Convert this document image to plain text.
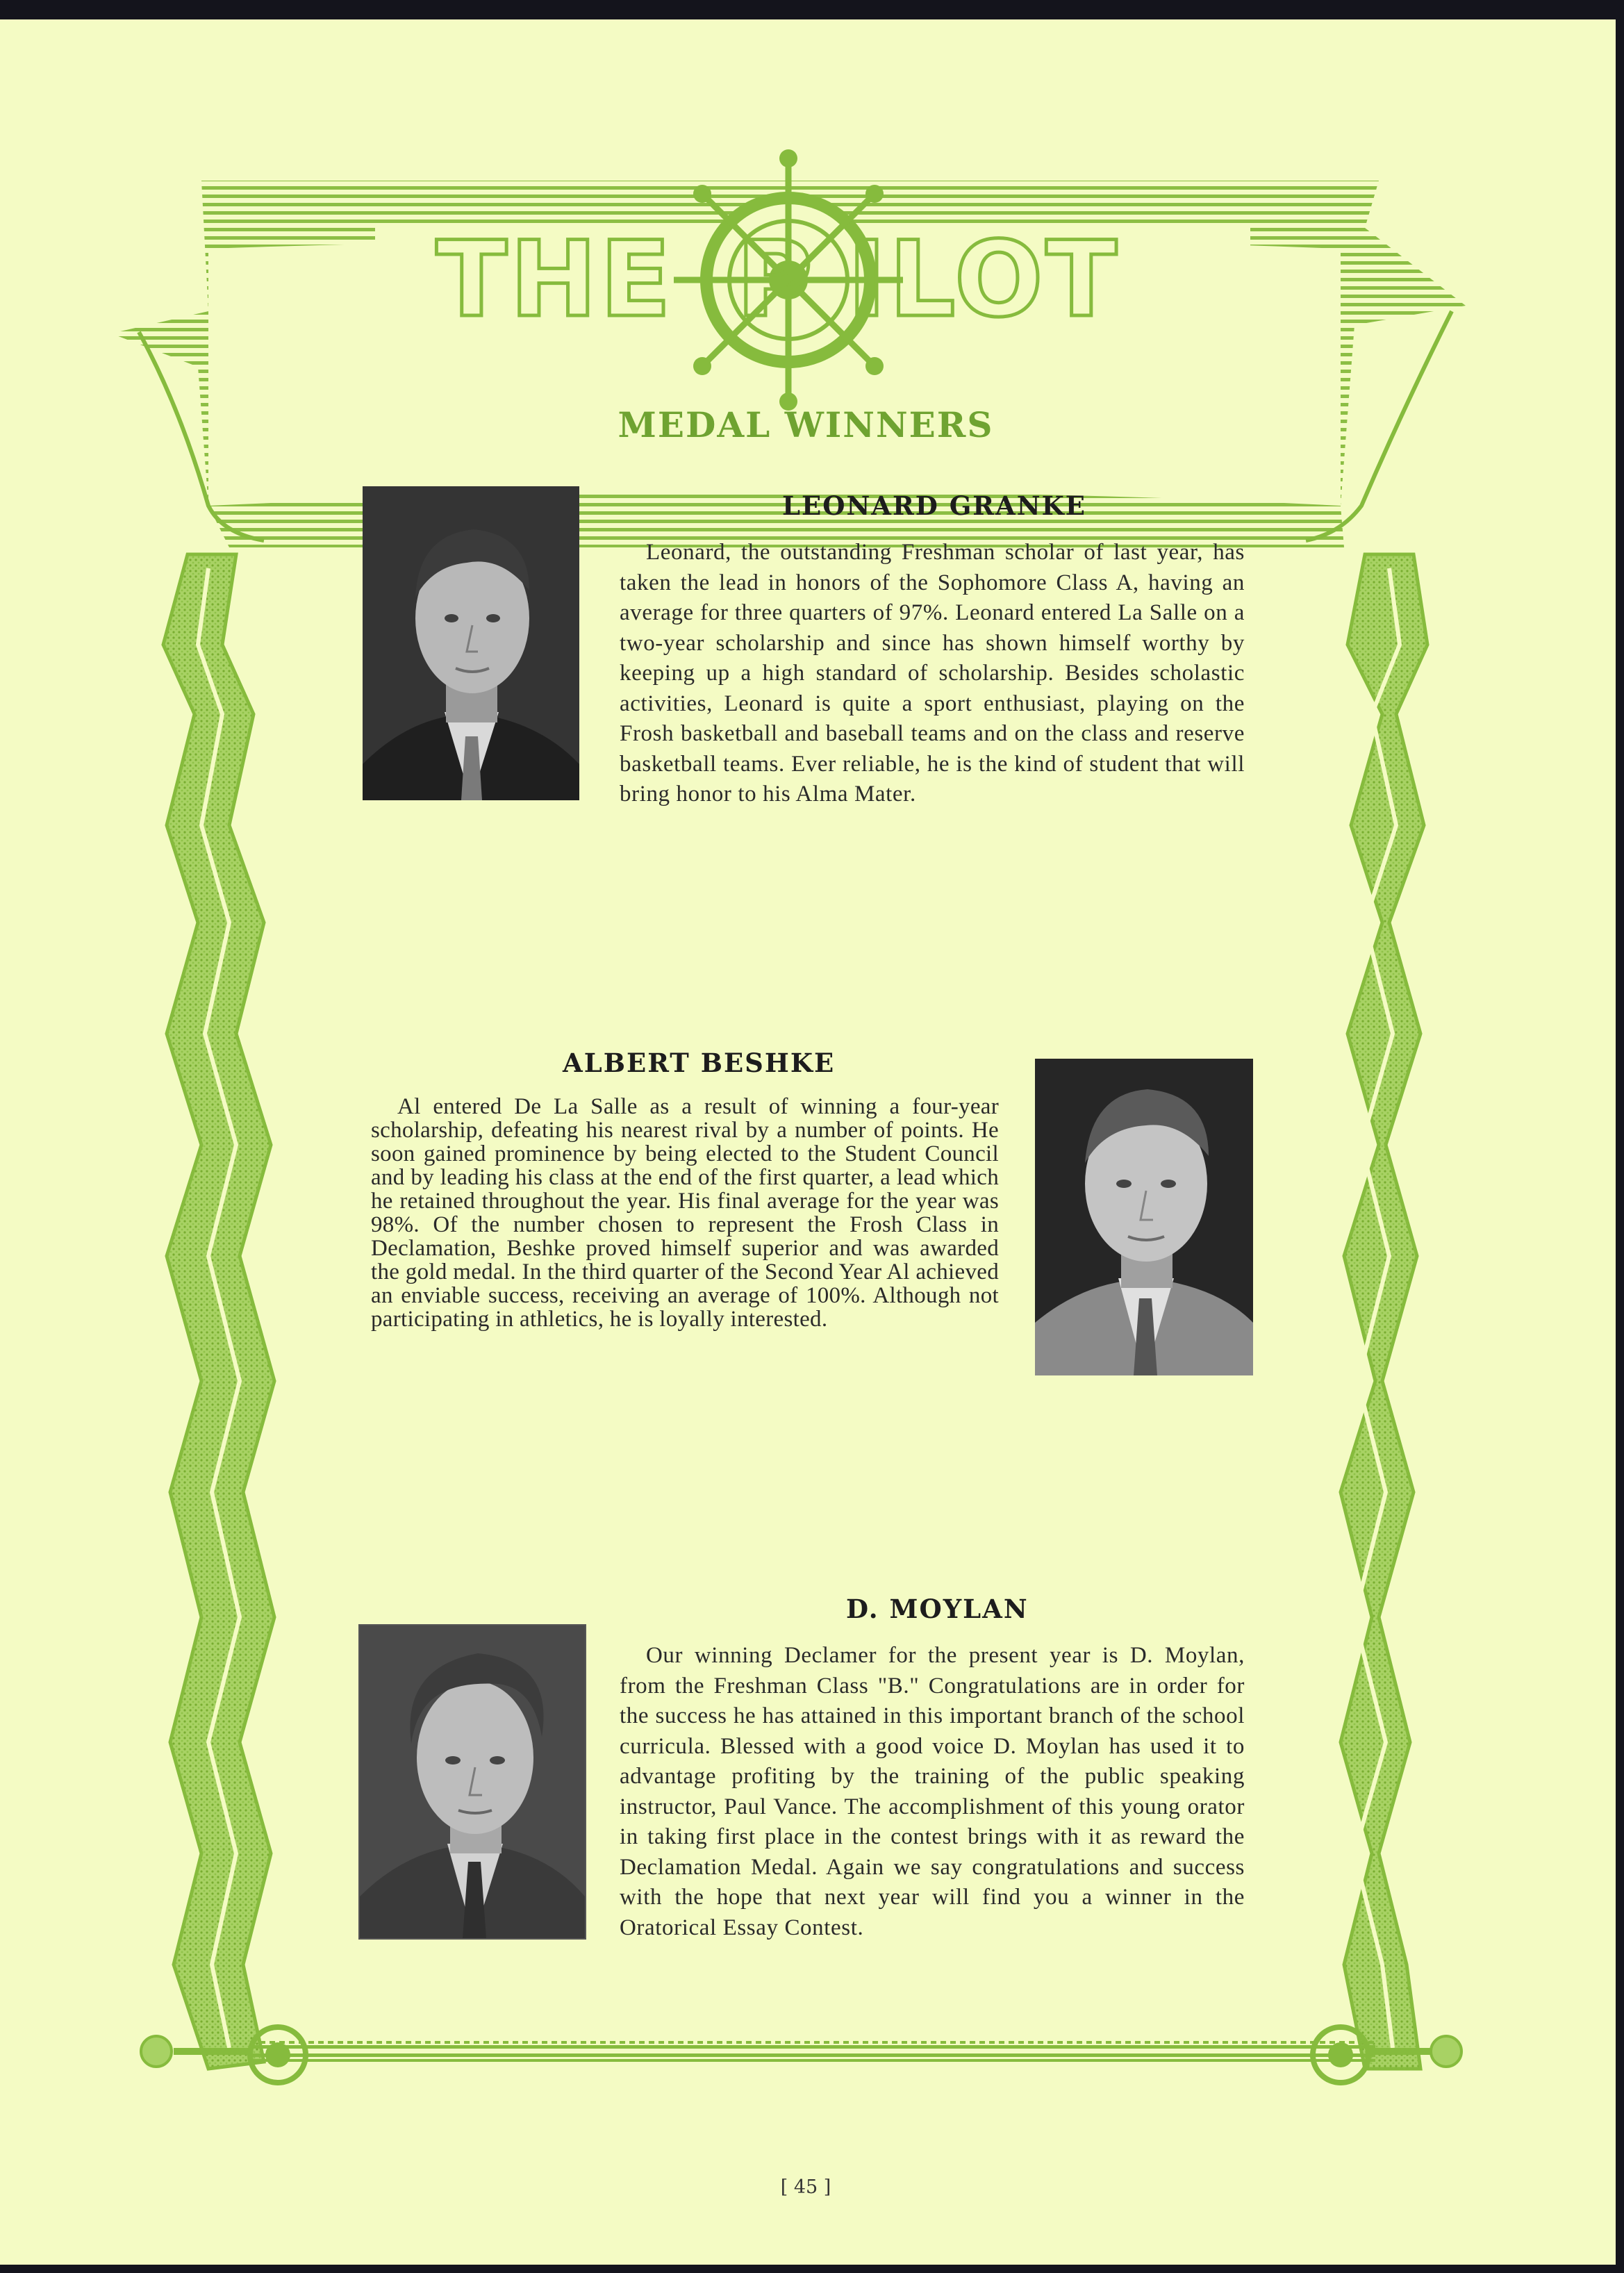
THE P ILOT
MEDAL WINNERS
LEONARD GRANKE

Leonard, the outstanding Freshman scholar of last year, has taken the lead in honors of the Sophomore Class A, having an average for three quarters of 97%. Leonard entered La Salle on a two-year scholarship and since has shown himself worthy by keeping up a high standard of scholarship. Besides scholastic activities, Leonard is quite a sport enthusiast, playing on the Frosh basketball and baseball teams and on the class and reserve basketball teams. Ever reliable, he is the kind of student that will bring honor to his Alma Mater.

ALBERT BESHKE

Al entered De La Salle as a result of winning a four-year scholarship, defeating his nearest rival by a number of points. He soon gained prominence by being elected to the Student Council and by leading his class at the end of the first quarter, a lead which he retained throughout the year. His final average for the year was 98%. Of the number chosen to represent the Frosh Class in Declamation, Beshke proved himself superior and was awarded the gold medal. In the third quarter of the Second Year Al achieved an enviable success, receiving an average of 100%. Although not participating in athletics, he is loyally interested.

D. MOYLAN

Our winning Declamer for the present year is D. Moylan, from the Freshman Class "B." Congratulations are in order for the success he has attained in this important branch of the school curricula. Blessed with a good voice D. Moylan has used it to advantage profiting by the training of the public speaking instructor, Paul Vance. The accomplishment of this young orator in taking first place in the contest brings with it as reward the Declamation Medal. Again we say congratulations and success with the hope that next year will find you a winner in the Oratorical Essay Contest.

[ 45 ]
